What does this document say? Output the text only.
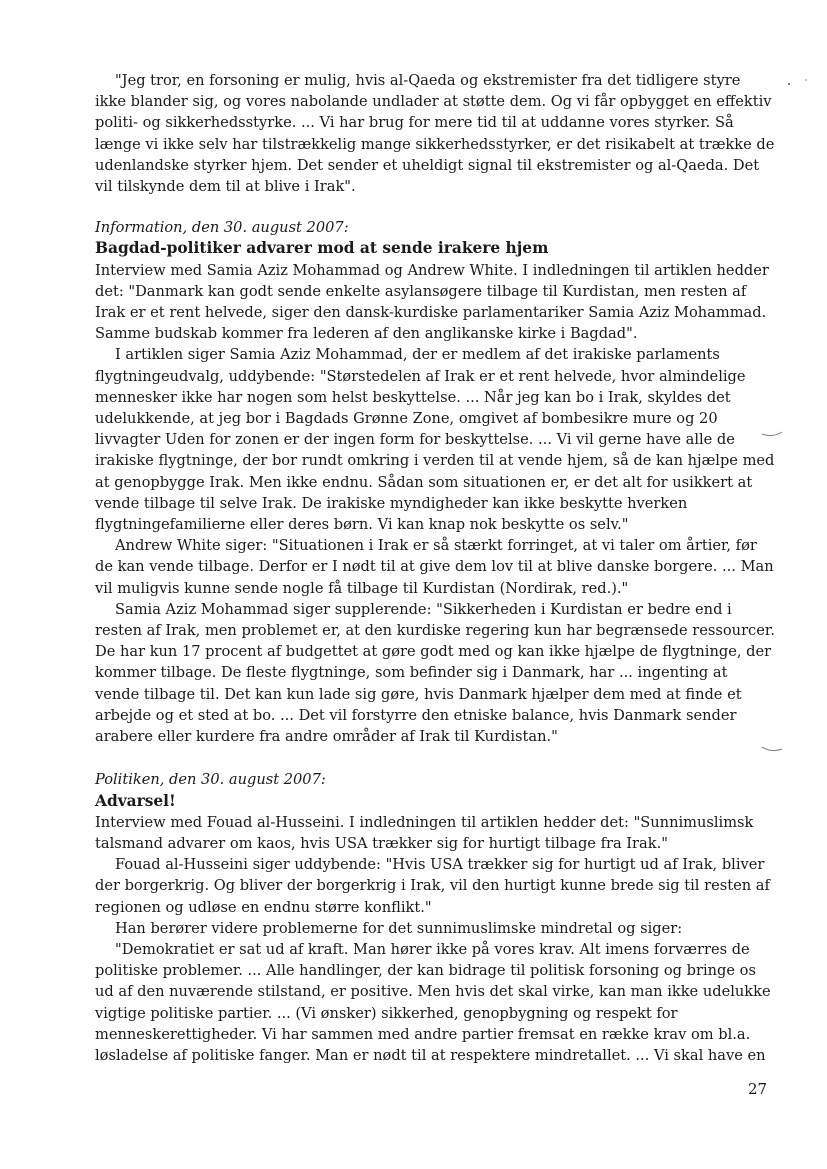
"Jeg tror, en forsoning er mulig, hvis al-Qaeda og ekstremister fra det tidligere styre ikke blander sig, og vores nabolande undlader at støtte dem. Og vi får opbygget en effektiv politi- og sikkerhedsstyrke. ... Vi har brug for mere tid til at uddanne vores styrker. Så længe vi ikke selv har tilstrækkelig mange sikkerhedsstyrker, er det risikabelt at trække de udenlandske styrker hjem. Det sender et uheldigt signal til ekstremister og al-Qaeda. Det vil tilskynde dem til at blive i Irak".

Information, den 30. august 2007:

Bagdad-politiker advarer mod at sende irakere hjem

Interview med Samia Aziz Mohammad og Andrew White. I indledningen til artiklen hedder det: "Danmark kan godt sende enkelte asylansøgere tilbage til Kurdistan, men resten af Irak er et rent helvede, siger den dansk-kurdiske parlamentariker Samia Aziz Mohammad. Samme budskab kommer fra lederen af den anglikanske kirke i Bagdad".

I artiklen siger Samia Aziz Mohammad, der er medlem af det irakiske parlaments flygtningeudvalg, uddybende: "Størstedelen af Irak er et rent helvede, hvor almindelige mennesker ikke har nogen som helst beskyttelse. ... Når jeg kan bo i Irak, skyldes det udelukkende, at jeg bor i Bagdads Grønne Zone, omgivet af bombesikre mure og 20 livvagter Uden for zonen er der ingen form for beskyttelse. ... Vi vil gerne have alle de irakiske flygtninge, der bor rundt omkring i verden til at vende hjem, så de kan hjælpe med at genopbygge Irak. Men ikke endnu. Sådan som situationen er, er det alt for usikkert at vende tilbage til selve Irak. De irakiske myndigheder kan ikke beskytte hverken flygtningefamilierne eller deres børn. Vi kan knap nok beskytte os selv."

Andrew White siger: "Situationen i Irak er så stærkt forringet, at vi taler om årtier, før de kan vende tilbage. Derfor er I nødt til at give dem lov til at blive danske borgere. ... Man vil muligvis kunne sende nogle få tilbage til Kurdistan (Nordirak, red.)."

Samia Aziz Mohammad siger supplerende: "Sikkerheden i Kurdistan er bedre end i resten af Irak, men problemet er, at den kurdiske regering kun har begrænsede ressourcer. De har kun 17 procent af budgettet at gøre godt med og kan ikke hjælpe de flygtninge, der kommer tilbage. De fleste flygtninge, som befinder sig i Danmark, har ... ingenting at vende tilbage til. Det kan kun lade sig gøre, hvis Danmark hjælper dem med at finde et arbejde og et sted at bo. ... Det vil forstyrre den etniske balance, hvis Danmark sender arabere eller kurdere fra andre områder af Irak til Kurdistan."

Politiken, den 30. august 2007:

Advarsel!

Interview med Fouad al-Husseini. I indledningen til artiklen hedder det: "Sunnimuslimsk talsmand advarer om kaos, hvis USA trækker sig for hurtigt tilbage fra Irak."

Fouad al-Husseini siger uddybende: "Hvis USA trækker sig for hurtigt ud af Irak, bliver der borgerkrig. Og bliver der borgerkrig i Irak, vil den hurtigt kunne brede sig til resten af regionen og udløse en endnu større konflikt."

Han berører videre problemerne for det sunnimuslimske mindretal og siger:

"Demokratiet er sat ud af kraft. Man hører ikke på vores krav. Alt imens forværres de politiske problemer. ... Alle handlinger, der kan bidrage til politisk forsoning og bringe os ud af den nuværende stilstand, er positive. Men hvis det skal virke, kan man ikke udelukke vigtige politiske partier. ... (Vi ønsker) sikkerhed, genopbygning og respekt for menneskerettigheder. Vi har sammen med andre partier fremsat en række krav om bl.a. løsladelse af politiske fanger. Man er nødt til at respektere mindretallet. ... Vi skal have en

27
